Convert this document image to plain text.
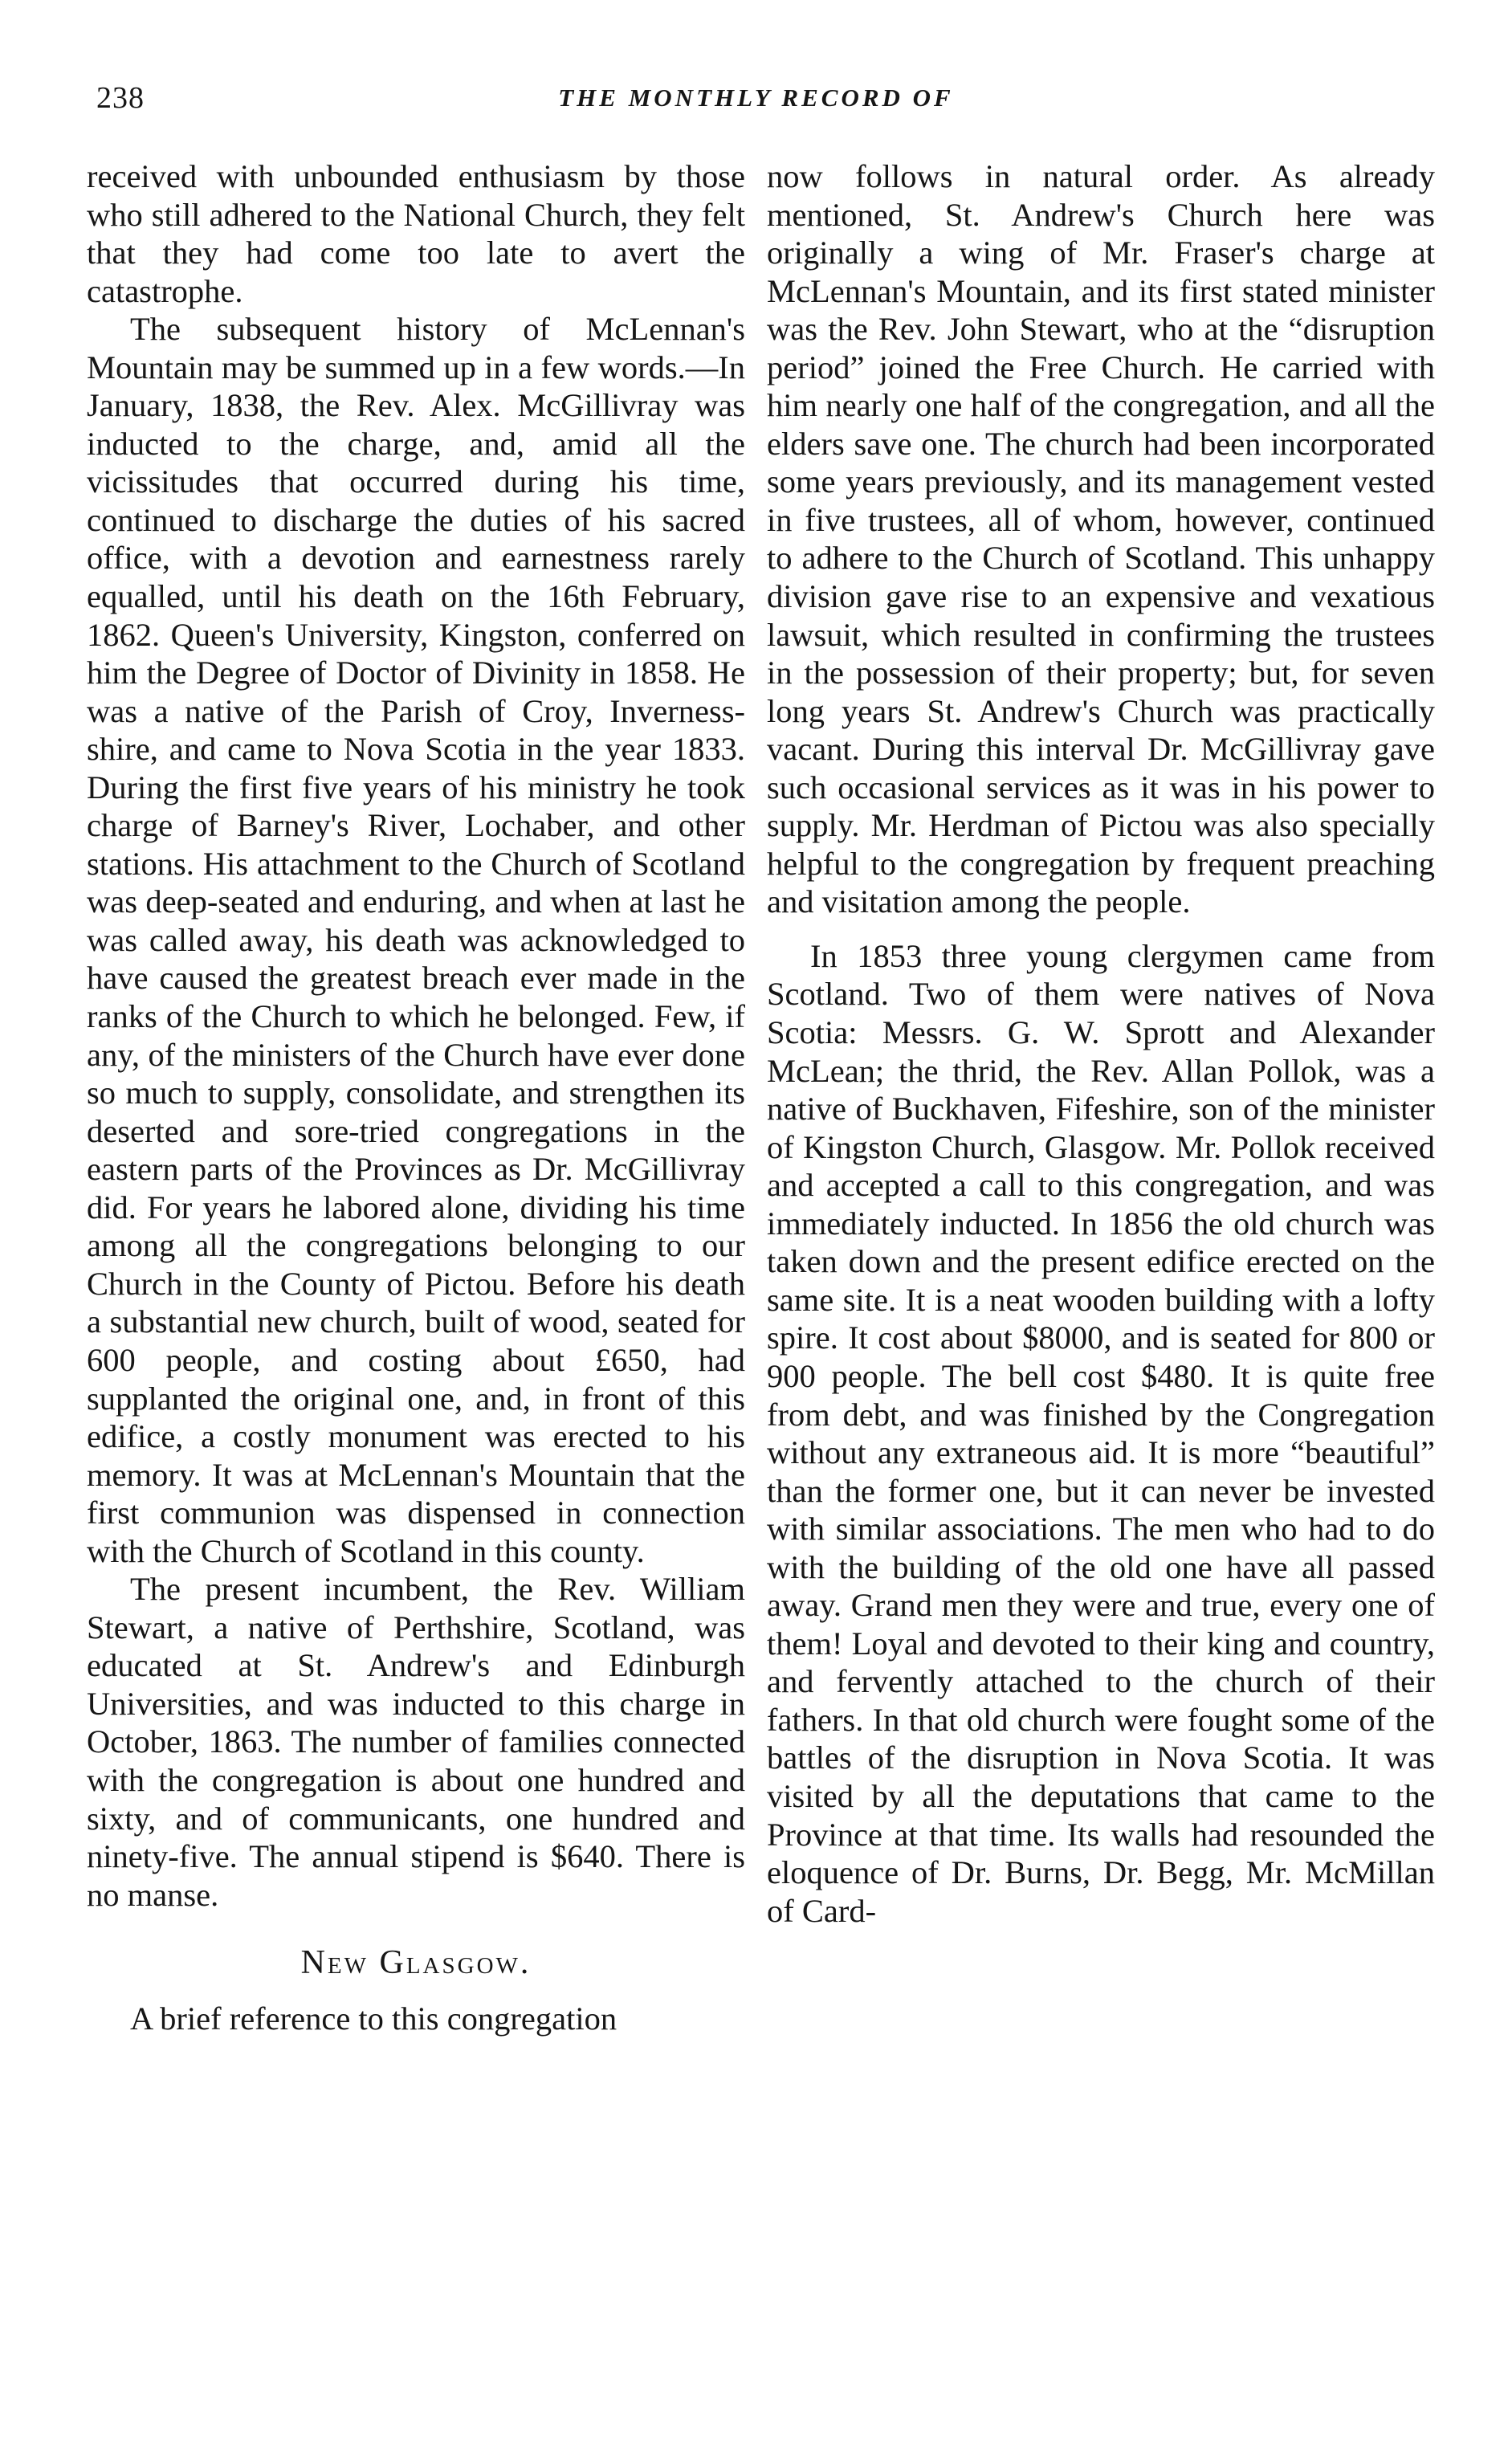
238	THE MONTHLY RECORD OF

received with unbounded enthusiasm by those who still adhered to the National Church, they felt that they had come too late to avert the catastrophe.

The subsequent history of McLennan's Mountain may be summed up in a few words.—In January, 1838, the Rev. Alex. McGillivray was inducted to the charge, and, amid all the vicissitudes that occurred during his time, continued to discharge the duties of his sacred office, with a devotion and earnestness rarely equalled, until his death on the 16th February, 1862. Queen's University, Kingston, conferred on him the Degree of Doctor of Divinity in 1858. He was a native of the Parish of Croy, Inverness-shire, and came to Nova Scotia in the year 1833. During the first five years of his ministry he took charge of Barney's River, Lochaber, and other stations. His attachment to the Church of Scotland was deep-seated and enduring, and when at last he was called away, his death was acknowledged to have caused the greatest breach ever made in the ranks of the Church to which he belonged. Few, if any, of the ministers of the Church have ever done so much to supply, consolidate, and strengthen its deserted and sore-tried congregations in the eastern parts of the Provinces as Dr. McGillivray did. For years he labored alone, dividing his time among all the congregations belonging to our Church in the County of Pictou. Before his death a substantial new church, built of wood, seated for 600 people, and costing about £650, had supplanted the original one, and, in front of this edifice, a costly monument was erected to his memory. It was at McLennan's Mountain that the first communion was dispensed in connection with the Church of Scotland in this county.

The present incumbent, the Rev. William Stewart, a native of Perthshire, Scotland, was educated at St. Andrew's and Edinburgh Universities, and was inducted to this charge in October, 1863. The number of families connected with the congregation is about one hundred and sixty, and of communicants, one hundred and ninety-five. The annual stipend is $640. There is no manse.

New Glasgow.

A brief reference to this congregation

now follows in natural order. As already mentioned, St. Andrew's Church here was originally a wing of Mr. Fraser's charge at McLennan's Mountain, and its first stated minister was the Rev. John Stewart, who at the “disruption period” joined the Free Church. He carried with him nearly one half of the congregation, and all the elders save one. The church had been incorporated some years previously, and its management vested in five trustees, all of whom, however, continued to adhere to the Church of Scotland. This unhappy division gave rise to an expensive and vexatious lawsuit, which resulted in confirming the trustees in the possession of their property; but, for seven long years St. Andrew's Church was practically vacant. During this interval Dr. McGillivray gave such occasional services as it was in his power to supply. Mr. Herdman of Pictou was also specially helpful to the congregation by frequent preaching and visitation among the people.

In 1853 three young clergymen came from Scotland. Two of them were natives of Nova Scotia: Messrs. G. W. Sprott and Alexander McLean; the thrid, the Rev. Allan Pollok, was a native of Buckhaven, Fifeshire, son of the minister of Kingston Church, Glasgow. Mr. Pollok received and accepted a call to this congregation, and was immediately inducted. In 1856 the old church was taken down and the present edifice erected on the same site. It is a neat wooden building with a lofty spire. It cost about $8000, and is seated for 800 or 900 people. The bell cost $480. It is quite free from debt, and was finished by the Congregation without any extraneous aid. It is more “beautiful” than the former one, but it can never be invested with similar associations. The men who had to do with the building of the old one have all passed away. Grand men they were and true, every one of them! Loyal and devoted to their king and country, and fervently attached to the church of their fathers. In that old church were fought some of the battles of the disruption in Nova Scotia. It was visited by all the deputations that came to the Province at that time. Its walls had resounded the eloquence of Dr. Burns, Dr. Begg, Mr. McMillan of Card-
